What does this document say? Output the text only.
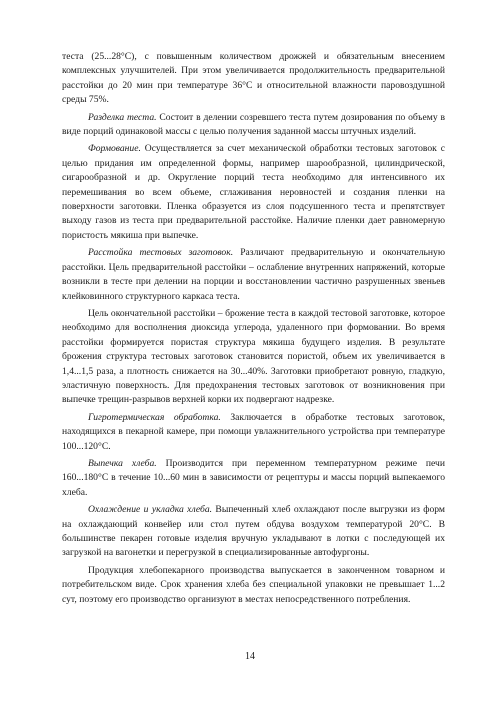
теста (25...28°С), с повышенным количеством дрожжей и обязательным внесением комплексных улучшителей. При этом увеличивается продолжительность предварительной расстойки до 20 мин при температуре 36°С и относительной влажности паровоздушной среды 75%.

Разделка теста. Состоит в делении созревшего теста путем дозирования по объему в виде порций одинаковой массы с целью получения заданной массы штучных изделий.

Формование. Осуществляется за счет механической обработки тестовых заготовок с целью придания им определенной формы, например шарообразной, цилиндрической, сигарообразной и др. Округление порций теста необходимо для интенсивного их перемешивания во всем объеме, сглаживания неровностей и создания пленки на поверхности заготовки. Пленка образуется из слоя подсушенного теста и препятствует выходу газов из теста при предварительной расстойке. Наличие пленки дает равномерную пористость мякиша при выпечке.

Расстойка тестовых заготовок. Различают предварительную и окончательную расстойки. Цель предварительной расстойки – ослабление внутренних напряжений, которые возникли в тесте при делении на порции и восстановлении частично разрушенных звеньев клейковинного структурного каркаса теста.

Цель окончательной расстойки – брожение теста в каждой тестовой заготовке, которое необходимо для восполнения диоксида углерода, удаленного при формовании. Во время расстойки формируется пористая структура мякиша будущего изделия. В результате брожения структура тестовых заготовок становится пористой, объем их увеличивается в 1,4...1,5 раза, а плотность снижается на 30...40%. Заготовки приобретают ровную, гладкую, эластичную поверхность. Для предохранения тестовых заготовок от возникновения при выпечке трещин-разрывов верхней корки их подвергают надрезке.

Гигротермическая обработка. Заключается в обработке тестовых заготовок, находящихся в пекарной камере, при помощи увлажнительного устройства при температуре 100...120°С.

Выпечка хлеба. Производится при переменном температурном режиме печи 160...180°С в течение 10...60 мин в зависимости от рецептуры и массы порций выпекаемого хлеба.

Охлаждение и укладка хлеба. Выпеченный хлеб охлаждают после выгрузки из форм на охлаждающий конвейер или стол путем обдува воздухом температурой 20°С. В большинстве пекарен готовые изделия вручную укладывают в лотки с последующей их загрузкой на вагонетки и перегрузкой в специализированные автофургоны.

Продукция хлебопекарного производства выпускается в законченном товарном и потребительском виде. Срок хранения хлеба без специальной упаковки не превышает 1...2 сут, поэтому его производство организуют в местах непосредственного потребления.

14
